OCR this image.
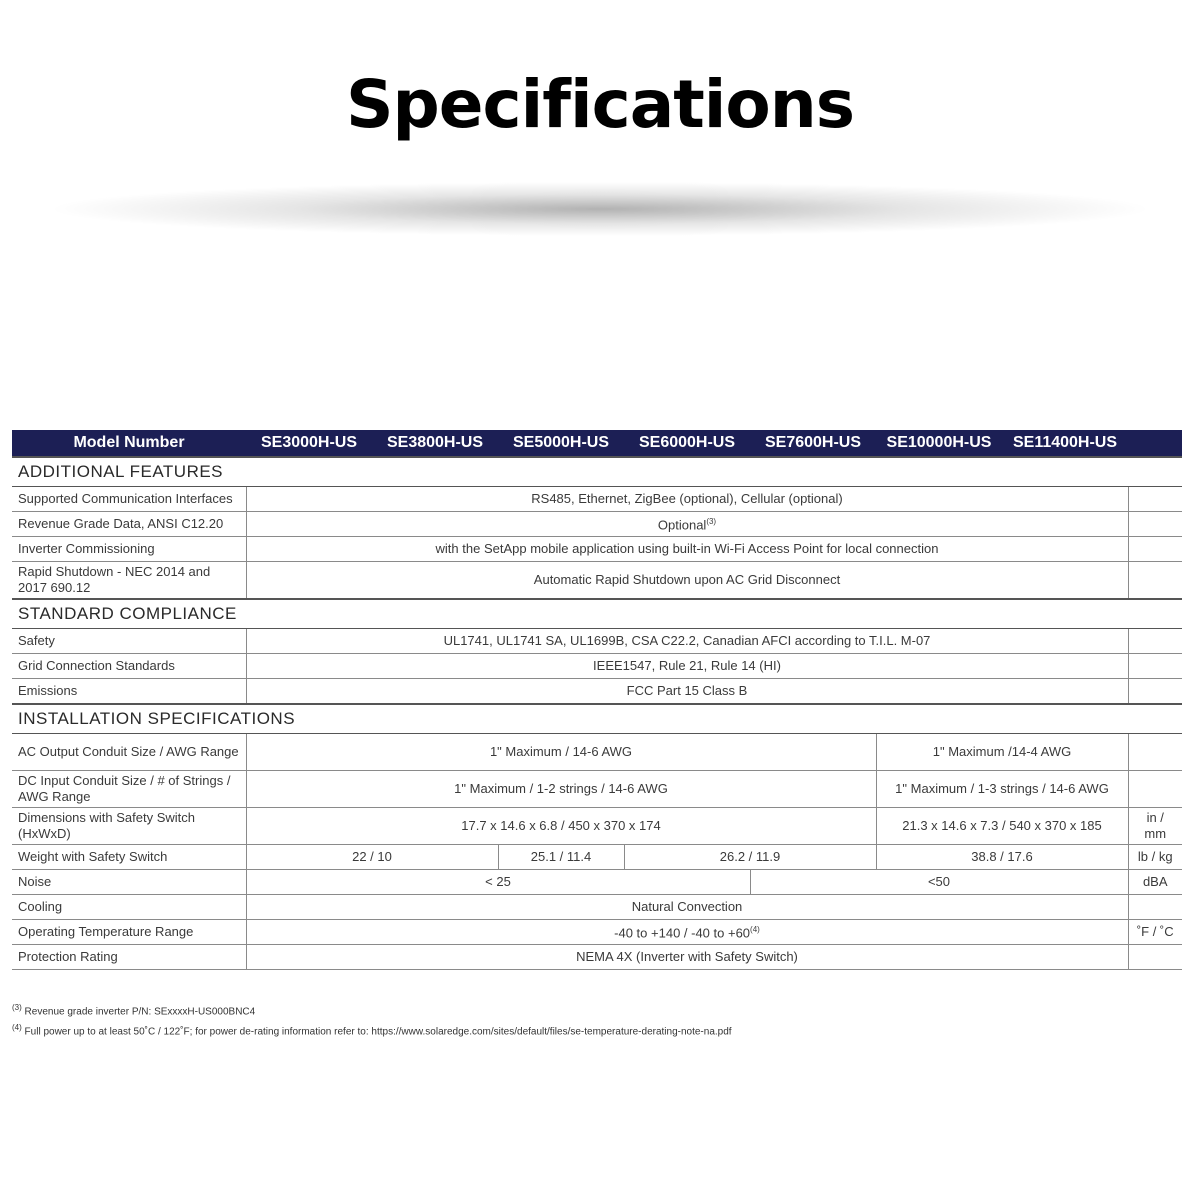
Specifications
Model Number	SE3000H-US	SE3800H-US	SE5000H-US	SE6000H-US	SE7600H-US	SE10000H-US	SE11400H-US	
ADDITIONAL FEATURES								
Supported Communication Interfaces	RS485, Ethernet, ZigBee (optional), Cellular (optional)							
Revenue Grade Data, ANSI C12.20	Optional$^{(3)}$	
Inverter Commissioning	with the SetApp mobile application using built-in Wi-Fi Access Point for local connection							
Rapid Shutdown - NEC 2014 and 2017 690.12	Automatic Rapid Shutdown upon AC Grid Disconnect							
STANDARD COMPLIANCE								
Safety	UL1741, UL1741 SA, UL1699B, CSA C22.2, Canadian AFCI according to T.I.L. M-07							
Grid Connection Standards	IEEE1547, Rule 21, Rule 14 (HI)							
Emissions	FCC Part 15 Class B							
INSTALLATION SPECIFICATIONS								
AC Output Conduit Size / AWG Range	1" Maximum / 14-6 AWG					1" Maximum /14-4 AWG		
DC Input Conduit Size / # of Strings / AWG Range	1" Maximum / 1-2 strings / 14-6 AWG					1" Maximum / 1-3 strings / 14-6 AWG		
Dimensions with Safety Switch (HxWxD)	17.7 x 14.6 x 6.8 / 450 x 370 x 174					21.3 x 14.6 x 7.3 / 540 x 370 x 185		in / mm
Weight with Safety Switch	22 / 10		25.1 / 11.4	26.2 / 11.9		38.8 / 17.6		lb / kg
Noise	< 25				<50			dBA
Cooling	Natural Convection							
Operating Temperature Range	-40 to +140 / -40 to $+60^{(4)}$							˚F / ˚C
Protection Rating	NEMA 4X (Inverter with Safety Switch)							
$^{(3)}$ Revenue grade inverter P/N: SExxxxH-US000BNC4
$^{(4)}$ Full power up to at least 50˚C / 122˚F; for power de-rating information refer to: https://www.solaredge.com/sites/default/files/se-temperature-derating-note-na.pdf
